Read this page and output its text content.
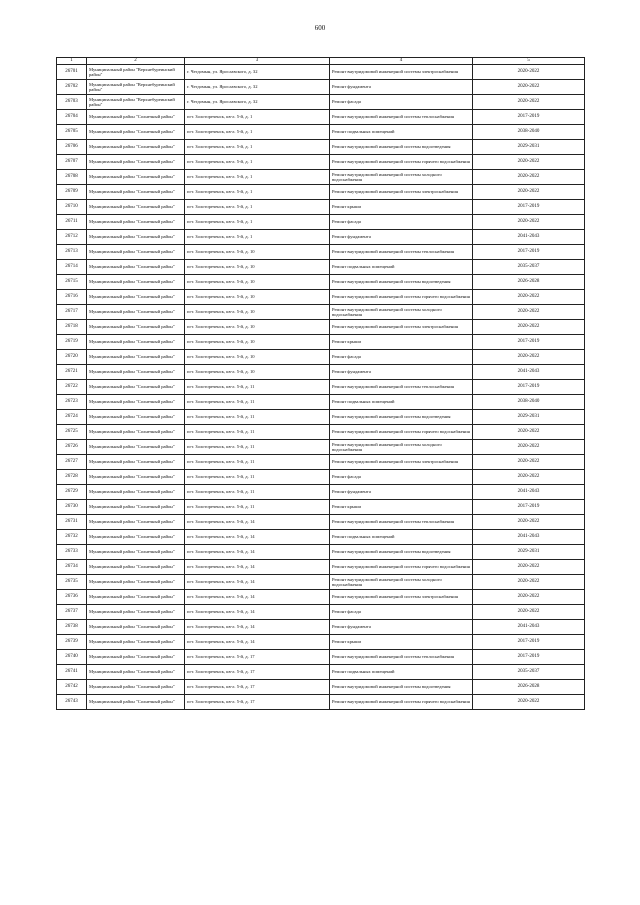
600
1	2	3	4	5
26701	Муниципальный район "Верхнебуреинский район"	г. Чегдомын, ул. Ярославского, д. 32	Ремонт внутридомовой инженерной системы электроснабжения	2020-2022
26702	Муниципальный район "Верхнебуреинский район"	г. Чегдомын, ул. Ярославского, д. 32	Ремонт фундамента	2020-2022
26703	Муниципальный район "Верхнебуреинский район"	г. Чегдомын, ул. Ярославского, д. 32	Ремонт фасада	2020-2022
26704	Муниципальный район "Солнечный район"	пгт. Золотореченск, кв-л. 5-й, д. 1	Ремонт внутридомовой инженерной системы теплоснабжения	2017-2019
26705	Муниципальный район "Солнечный район"	пгт. Золотореченск, кв-л. 5-й, д. 1	Ремонт подвальных помещений	2038-2040
26706	Муниципальный район "Солнечный район"	пгт. Золотореченск, кв-л. 5-й, д. 1	Ремонт внутридомовой инженерной системы водоотведения	2029-2031
26707	Муниципальный район "Солнечный район"	пгт. Золотореченск, кв-л. 5-й, д. 1	Ремонт внутридомовой инженерной системы горячего водоснабжения	2020-2022
26708	Муниципальный район "Солнечный район"	пгт. Золотореченск, кв-л. 5-й, д. 1	Ремонт внутридомовой инженерной системы холодного водоснабжения	2020-2022
26709	Муниципальный район "Солнечный район"	пгт. Золотореченск, кв-л. 5-й, д. 1	Ремонт внутридомовой инженерной системы электроснабжения	2020-2022
26710	Муниципальный район "Солнечный район"	пгт. Золотореченск, кв-л. 5-й, д. 1	Ремонт крыши	2017-2019
26711	Муниципальный район "Солнечный район"	пгт. Золотореченск, кв-л. 5-й, д. 1	Ремонт фасада	2020-2022
26712	Муниципальный район "Солнечный район"	пгт. Золотореченск, кв-л. 5-й, д. 1	Ремонт фундамента	2041-2043
26713	Муниципальный район "Солнечный район"	пгт. Золотореченск, кв-л. 5-й, д. 10	Ремонт внутридомовой инженерной системы теплоснабжения	2017-2019
26714	Муниципальный район "Солнечный район"	пгт. Золотореченск, кв-л. 5-й, д. 10	Ремонт подвальных помещений	2035-2037
26715	Муниципальный район "Солнечный район"	пгт. Золотореченск, кв-л. 5-й, д. 10	Ремонт внутридомовой инженерной системы водоотведения	2026-2028
26716	Муниципальный район "Солнечный район"	пгт. Золотореченск, кв-л. 5-й, д. 10	Ремонт внутридомовой инженерной системы горячего водоснабжения	2020-2022
26717	Муниципальный район "Солнечный район"	пгт. Золотореченск, кв-л. 5-й, д. 10	Ремонт внутридомовой инженерной системы холодного водоснабжения	2020-2022
26718	Муниципальный район "Солнечный район"	пгт. Золотореченск, кв-л. 5-й, д. 10	Ремонт внутридомовой инженерной системы электроснабжения	2020-2022
26719	Муниципальный район "Солнечный район"	пгт. Золотореченск, кв-л. 5-й, д. 10	Ремонт крыши	2017-2019
26720	Муниципальный район "Солнечный район"	пгт. Золотореченск, кв-л. 5-й, д. 10	Ремонт фасада	2020-2022
26721	Муниципальный район "Солнечный район"	пгт. Золотореченск, кв-л. 5-й, д. 10	Ремонт фундамента	2041-2043
26722	Муниципальный район "Солнечный район"	пгт. Золотореченск, кв-л. 5-й, д. 11	Ремонт внутридомовой инженерной системы теплоснабжения	2017-2019
26723	Муниципальный район "Солнечный район"	пгт. Золотореченск, кв-л. 5-й, д. 11	Ремонт подвальных помещений	2038-2040
26724	Муниципальный район "Солнечный район"	пгт. Золотореченск, кв-л. 5-й, д. 11	Ремонт внутридомовой инженерной системы водоотведения	2029-2031
26725	Муниципальный район "Солнечный район"	пгт. Золотореченск, кв-л. 5-й, д. 11	Ремонт внутридомовой инженерной системы горячего водоснабжения	2020-2022
26726	Муниципальный район "Солнечный район"	пгт. Золотореченск, кв-л. 5-й, д. 11	Ремонт внутридомовой инженерной системы холодного водоснабжения	2020-2022
26727	Муниципальный район "Солнечный район"	пгт. Золотореченск, кв-л. 5-й, д. 11	Ремонт внутридомовой инженерной системы электроснабжения	2020-2022
26728	Муниципальный район "Солнечный район"	пгт. Золотореченск, кв-л. 5-й, д. 11	Ремонт фасада	2020-2022
26729	Муниципальный район "Солнечный район"	пгт. Золотореченск, кв-л. 5-й, д. 11	Ремонт фундамента	2041-2043
26730	Муниципальный район "Солнечный район"	пгт. Золотореченск, кв-л. 5-й, д. 11	Ремонт крыши	2017-2019
26731	Муниципальный район "Солнечный район"	пгт. Золотореченск, кв-л. 5-й, д. 14	Ремонт внутридомовой инженерной системы теплоснабжения	2020-2022
26732	Муниципальный район "Солнечный район"	пгт. Золотореченск, кв-л. 5-й, д. 14	Ремонт подвальных помещений	2041-2043
26733	Муниципальный район "Солнечный район"	пгт. Золотореченск, кв-л. 5-й, д. 14	Ремонт внутридомовой инженерной системы водоотведения	2029-2031
26734	Муниципальный район "Солнечный район"	пгт. Золотореченск, кв-л. 5-й, д. 14	Ремонт внутридомовой инженерной системы горячего водоснабжения	2020-2022
26735	Муниципальный район "Солнечный район"	пгт. Золотореченск, кв-л. 5-й, д. 14	Ремонт внутридомовой инженерной системы холодного водоснабжения	2020-2022
26736	Муниципальный район "Солнечный район"	пгт. Золотореченск, кв-л. 5-й, д. 14	Ремонт внутридомовой инженерной системы электроснабжения	2020-2022
26737	Муниципальный район "Солнечный район"	пгт. Золотореченск, кв-л. 5-й, д. 14	Ремонт фасада	2020-2022
26738	Муниципальный район "Солнечный район"	пгт. Золотореченск, кв-л. 5-й, д. 14	Ремонт фундамента	2041-2043
26739	Муниципальный район "Солнечный район"	пгт. Золотореченск, кв-л. 5-й, д. 14	Ремонт крыши	2017-2019
26740	Муниципальный район "Солнечный район"	пгт. Золотореченск, кв-л. 5-й, д. 17	Ремонт внутридомовой инженерной системы теплоснабжения	2017-2019
26741	Муниципальный район "Солнечный район"	пгт. Золотореченск, кв-л. 5-й, д. 17	Ремонт подвальных помещений	2035-2037
26742	Муниципальный район "Солнечный район"	пгт. Золотореченск, кв-л. 5-й, д. 17	Ремонт внутридомовой инженерной системы водоотведения	2026-2028
26743	Муниципальный район "Солнечный район"	пгт. Золотореченск, кв-л. 5-й, д. 17	Ремонт внутридомовой инженерной системы горячего водоснабжения	2020-2022
